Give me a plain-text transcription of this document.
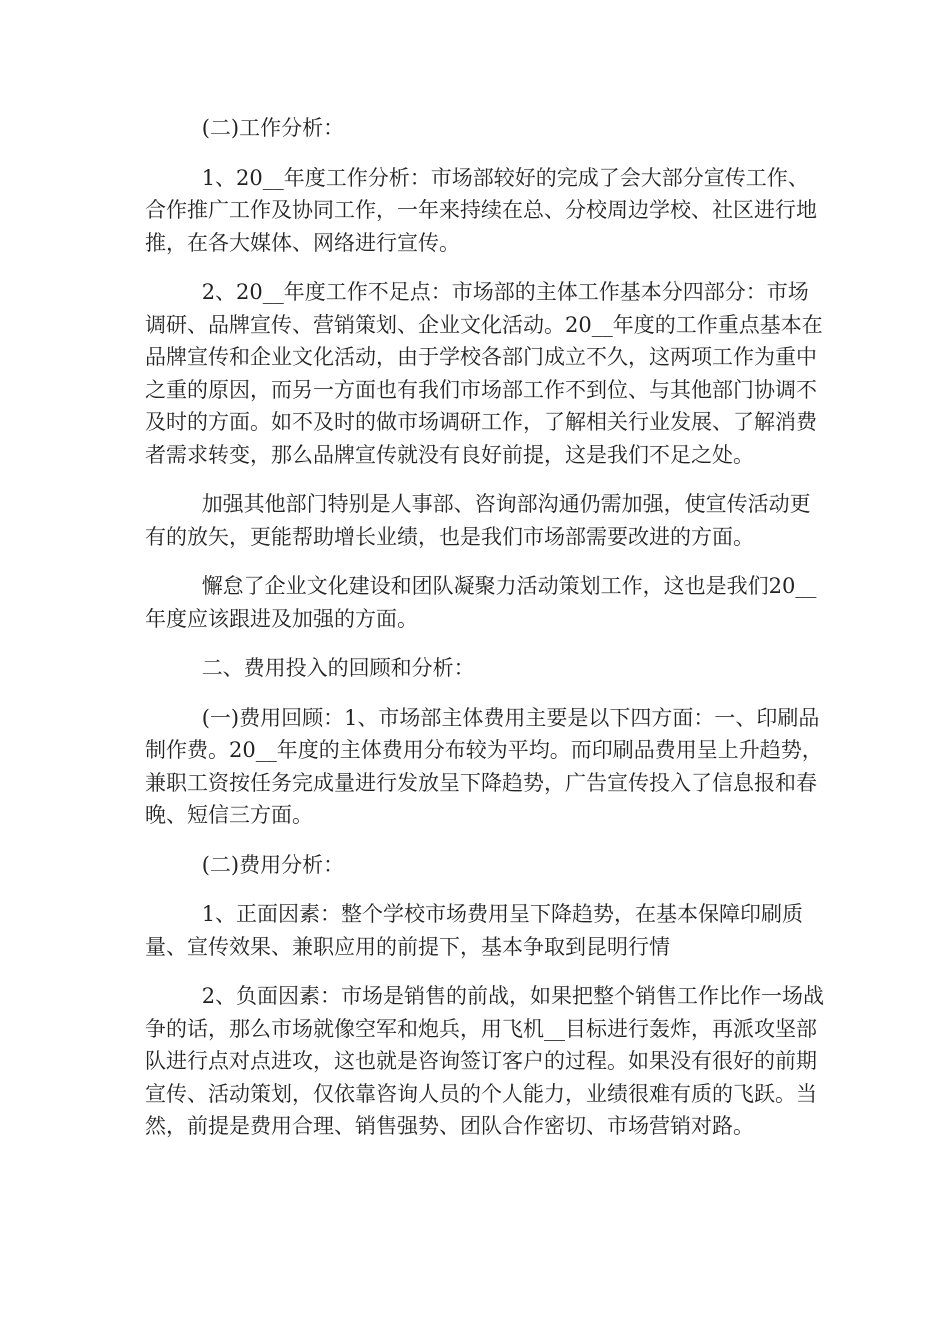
(二)工作分析：

1、20__年度工作分析：市场部较好的完成了会大部分宣传工作、合作推广工作及协同工作，一年来持续在总、分校周边学校、社区进行地推，在各大媒体、网络进行宣传。

2、20__年度工作不足点：市场部的主体工作基本分四部分：市场调研、品牌宣传、营销策划、企业文化活动。20__年度的工作重点基本在品牌宣传和企业文化活动，由于学校各部门成立不久，这两项工作为重中之重的原因，而另一方面也有我们市场部工作不到位、与其他部门协调不及时的方面。如不及时的做市场调研工作，了解相关行业发展、了解消费者需求转变，那么品牌宣传就没有良好前提，这是我们不足之处。

加强其他部门特别是人事部、咨询部沟通仍需加强，使宣传活动更有的放矢，更能帮助增长业绩，也是我们市场部需要改进的方面。

懈怠了企业文化建设和团队凝聚力活动策划工作，这也是我们20__年度应该跟进及加强的方面。

二、费用投入的回顾和分析：

(一)费用回顾：1、市场部主体费用主要是以下四方面：一、印刷品制作费。20__年度的主体费用分布较为平均。而印刷品费用呈上升趋势，兼职工资按任务完成量进行发放呈下降趋势，广告宣传投入了信息报和春晚、短信三方面。

(二)费用分析：

1、正面因素：整个学校市场费用呈下降趋势，在基本保障印刷质量、宣传效果、兼职应用的前提下，基本争取到昆明行情

2、负面因素：市场是销售的前战，如果把整个销售工作比作一场战争的话，那么市场就像空军和炮兵，用飞机__目标进行轰炸，再派攻坚部队进行点对点进攻，这也就是咨询签订客户的过程。如果没有很好的前期宣传、活动策划，仅依靠咨询人员的个人能力，业绩很难有质的飞跃。当然，前提是费用合理、销售强势、团队合作密切、市场营销对路。
